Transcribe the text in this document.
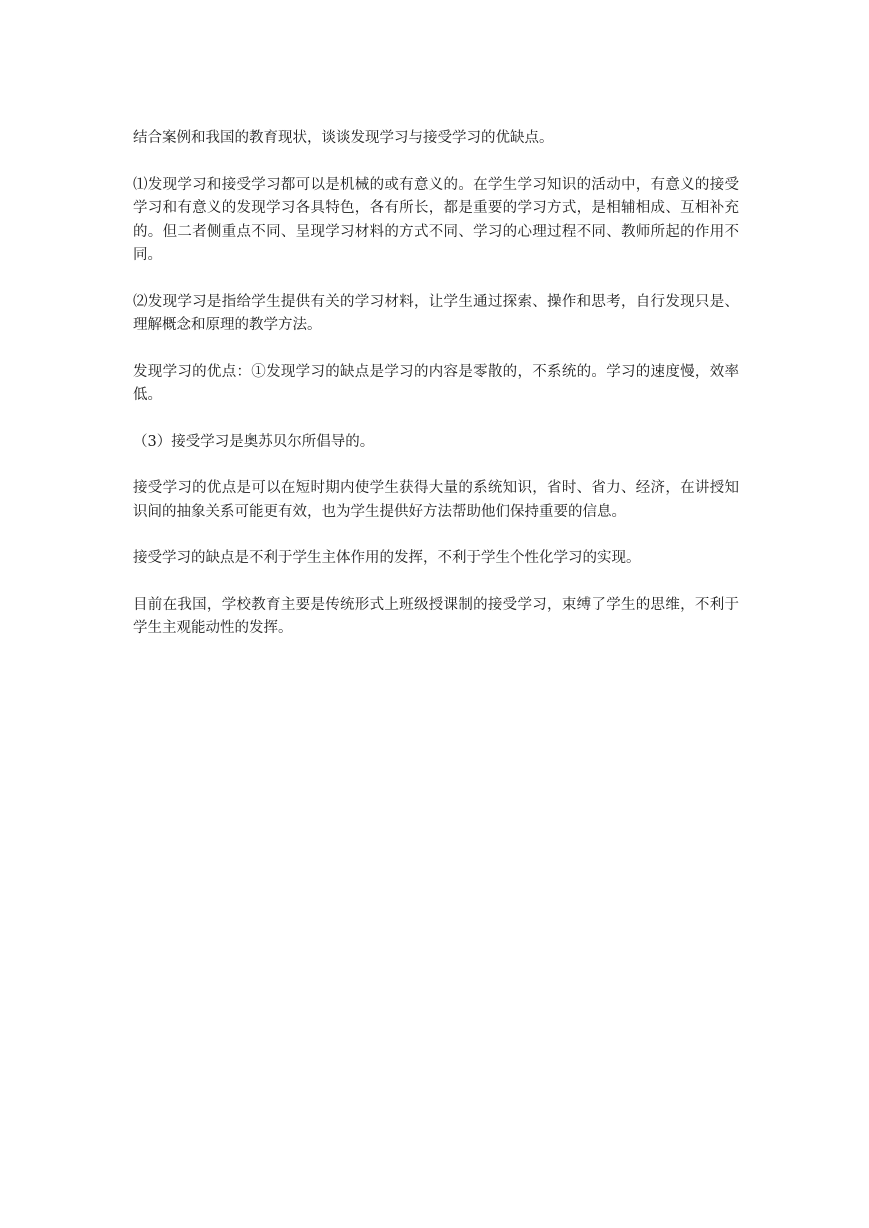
结合案例和我国的教育现状，谈谈发现学习与接受学习的优缺点。

⑴发现学习和接受学习都可以是机械的或有意义的。在学生学习知识的活动中，有意义的接受学习和有意义的发现学习各具特色，各有所长，都是重要的学习方式，是相辅相成、互相补充的。但二者侧重点不同、呈现学习材料的方式不同、学习的心理过程不同、教师所起的作用不同。

⑵发现学习是指给学生提供有关的学习材料，让学生通过探索、操作和思考，自行发现只是、理解概念和原理的教学方法。

发现学习的优点：①发现学习的缺点是学习的内容是零散的，不系统的。学习的速度慢，效率低。

（3）接受学习是奥苏贝尔所倡导的。

接受学习的优点是可以在短时期内使学生获得大量的系统知识，省时、省力、经济，在讲授知识间的抽象关系可能更有效，也为学生提供好方法帮助他们保持重要的信息。

接受学习的缺点是不利于学生主体作用的发挥，不利于学生个性化学习的实现。

目前在我国，学校教育主要是传统形式上班级授课制的接受学习，束缚了学生的思维，不利于学生主观能动性的发挥。
